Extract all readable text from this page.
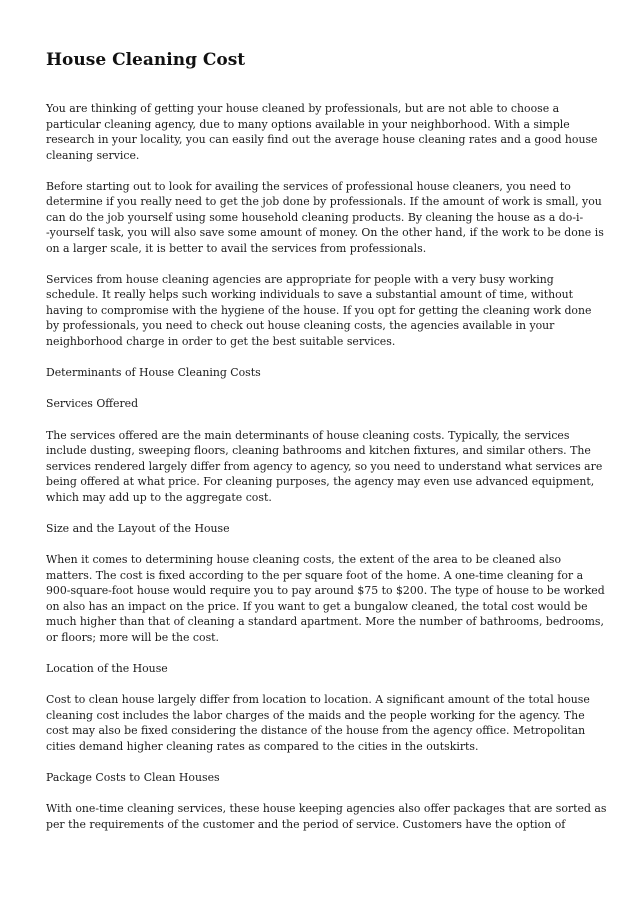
House Cleaning Cost
You are thinking of getting your house cleaned by professionals, but are not able to choose a
particular cleaning agency, due to many options available in your neighborhood. With a simple
research in your locality, you can easily find out the average house cleaning rates and a good house
cleaning service.
Before starting out to look for availing the services of professional house cleaners, you need to
determine if you really need to get the job done by professionals. If the amount of work is small, you
can do the job yourself using some household cleaning products. By cleaning the house as a do-i-
-yourself task, you will also save some amount of money. On the other hand, if the work to be done is
on a larger scale, it is better to avail the services from professionals.
Services from house cleaning agencies are appropriate for people with a very busy working
schedule. It really helps such working individuals to save a substantial amount of time, without
having to compromise with the hygiene of the house. If you opt for getting the cleaning work done
by professionals, you need to check out house cleaning costs, the agencies available in your
neighborhood charge in order to get the best suitable services.
Determinants of House Cleaning Costs
Services Offered
The services offered are the main determinants of house cleaning costs. Typically, the services
include dusting, sweeping floors, cleaning bathrooms and kitchen fixtures, and similar others. The
services rendered largely differ from agency to agency, so you need to understand what services are
being offered at what price. For cleaning purposes, the agency may even use advanced equipment,
which may add up to the aggregate cost.
Size and the Layout of the House
When it comes to determining house cleaning costs, the extent of the area to be cleaned also
matters. The cost is fixed according to the per square foot of the home. A one-time cleaning for a
900-square-foot house would require you to pay around $75 to $200. The type of house to be worked
on also has an impact on the price. If you want to get a bungalow cleaned, the total cost would be
much higher than that of cleaning a standard apartment. More the number of bathrooms, bedrooms,
or floors; more will be the cost.
Location of the House
Cost to clean house largely differ from location to location. A significant amount of the total house
cleaning cost includes the labor charges of the maids and the people working for the agency. The
cost may also be fixed considering the distance of the house from the agency office. Metropolitan
cities demand higher cleaning rates as compared to the cities in the outskirts.
Package Costs to Clean Houses
With one-time cleaning services, these house keeping agencies also offer packages that are sorted as
per the requirements of the customer and the period of service. Customers have the option of
